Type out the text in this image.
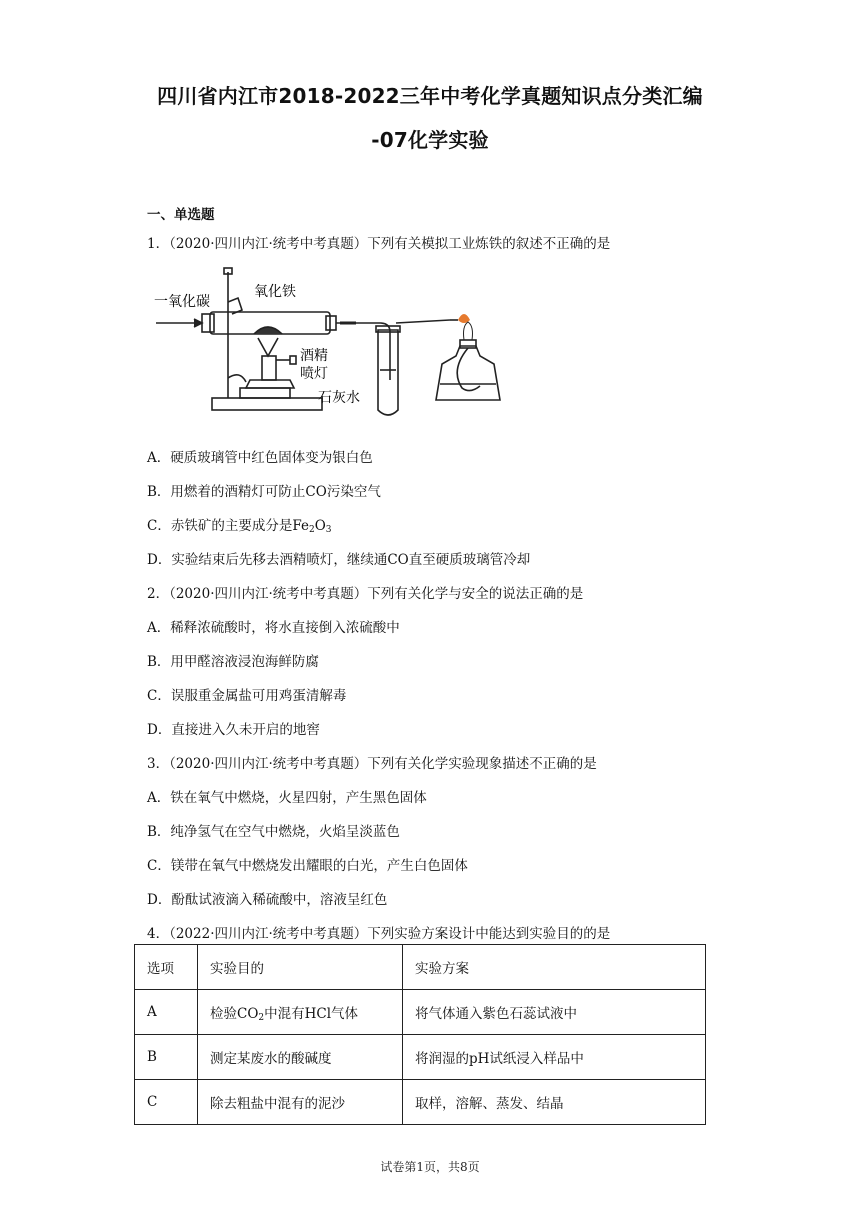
四川省内江市2018-2022三年中考化学真题知识点分类汇编
-07化学实验
一、单选题
1．（2020·四川内江·统考中考真题）下列有关模拟工业炼铁的叙述不正确的是
一氧化碳
氧化铁
酒精
喷灯
石灰水
A．硬质玻璃管中红色固体变为银白色
B．用燃着的酒精灯可防止CO污染空气
C．赤铁矿的主要成分是$Fe_2O_3$
D．实验结束后先移去酒精喷灯，继续通CO直至硬质玻璃管冷却
2．（2020·四川内江·统考中考真题）下列有关化学与安全的说法正确的是
A．稀释浓硫酸时，将水直接倒入浓硫酸中
B．用甲醛溶液浸泡海鲜防腐
C．误服重金属盐可用鸡蛋清解毒
D．直接进入久未开启的地窖
3．（2020·四川内江·统考中考真题）下列有关化学实验现象描述不正确的是
A．铁在氧气中燃烧，火星四射，产生黑色固体
B．纯净氢气在空气中燃烧，火焰呈淡蓝色
C．镁带在氧气中燃烧发出耀眼的白光，产生白色固体
D．酚酞试液滴入稀硫酸中，溶液呈红色
4．（2022·四川内江·统考中考真题）下列实验方案设计中能达到实验目的的是
选项	实验目的	实验方案
A	检验$CO_2$中混有HCl气体	将气体通入紫色石蕊试液中
B	测定某废水的酸碱度	将润湿的pH试纸浸入样品中
C	除去粗盐中混有的泥沙	取样，溶解、蒸发、结晶
试卷第1页，共8页
